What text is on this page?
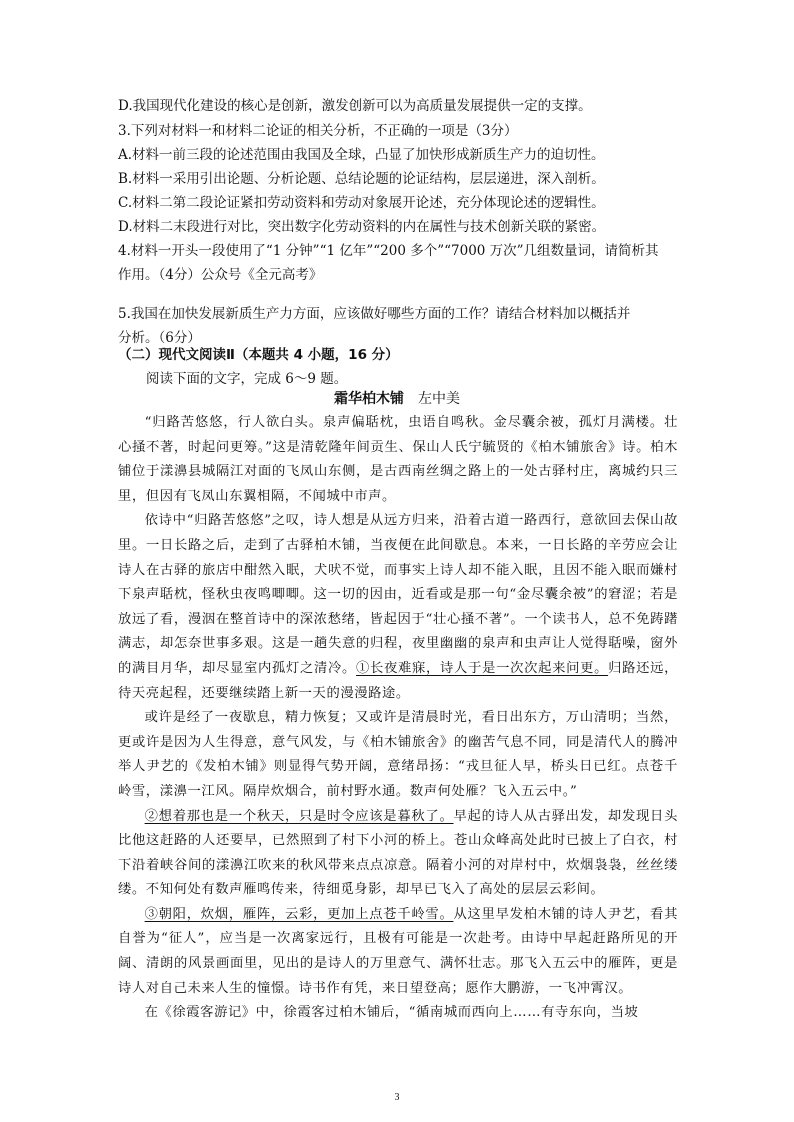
D.我国现代化建设的核心是创新，激发创新可以为高质量发展提供一定的支撑。
3.下列对材料一和材料二论证的相关分析，不正确的一项是（3分）
A.材料一前三段的论述范围由我国及全球，凸显了加快形成新质生产力的迫切性。
B.材料一采用引出论题、分析论题、总结论题的论证结构，层层递进，深入剖析。
C.材料二第二段论证紧扣劳动资料和劳动对象展开论述，充分体现论述的逻辑性。
D.材料二末段进行对比，突出数字化劳动资料的内在属性与技术创新关联的紧密。
4.材料一开头一段使用了“1 分钟”“1 亿年”“200 多个”“7000 万次”几组数量词，请简析其
作用。（4分）公众号《全元高考》
5.我国在加快发展新质生产力方面，应该做好哪些方面的工作？请结合材料加以概括并
分析。（6分）
（二）现代文阅读Ⅱ（本题共 4 小题，16 分）
阅读下面的文字，完成 6～9 题。
霜华柏木铺 左中美

“归路苦悠悠，行人欲白头。泉声偏聒枕，虫语自鸣秋。金尽囊余被，孤灯月满楼。壮心掻不著，时起问更筹。”这是清乾隆年间贡生、保山人氏宁毓贤的《柏木铺旅舍》诗。柏木铺位于漾濞县城隔江对面的飞凤山东侧，是古西南丝绸之路上的一处古驿村庄，离城约只三里，但因有飞凤山东翼相隔，不闻城中市声。

依诗中“归路苦悠悠”之叹，诗人想是从远方归来，沿着古道一路西行，意欲回去保山故里。一日长路之后，走到了古驿柏木铺，当夜便在此间歇息。本来，一日长路的辛劳应会让诗人在古驿的旅店中酣然入眠，犬吠不觉，而事实上诗人却不能入眠，且因不能入眠而嫌村下泉声聒枕，怪秋虫夜鸣唧唧。这一切的因由，近看或是那一句“金尽囊余被”的窘涩；若是放远了看，漫洇在整首诗中的深浓愁绪，皆起因于“壮心掻不著”。一个读书人，总不免踌躇满志，却怎奈世事多艰。这是一趟失意的归程，夜里幽幽的泉声和虫声让人觉得聒噪，窗外的满目月华，却尽显室内孤灯之清冷。①长夜难寐，诗人于是一次次起来问更。归路还远，待天亮起程，还要继续踏上新一天的漫漫路途。

或许是经了一夜歇息，精力恢复；又或许是清晨时光，看日出东方，万山清明；当然，更或许是因为人生得意，意气风发，与《柏木铺旅舍》的幽苦气息不同，同是清代人的腾冲举人尹艺的《发柏木铺》则显得气势开阔，意绪昂扬：“戎旦征人早，桥头日已红。点苍千岭雪，漾濞一江风。隔岸炊烟合，前村野水通。数声何处雁？飞入五云中。”

②想着那也是一个秋天，只是时令应该是暮秋了。早起的诗人从古驿出发，却发现日头比他这赶路的人还要早，已然照到了村下小河的桥上。苍山众峰高处此时已披上了白衣，村下沿着峡谷间的漾濞江吹来的秋风带来点点凉意。隔着小河的对岸村中，炊烟袅袅，丝丝缕缕。不知何处有数声雁鸣传来，待细觅身影，却早已飞入了高处的层层云彩间。

③朝阳，炊烟，雁阵，云彩，更加上点苍千岭雪。从这里早发柏木铺的诗人尹艺，看其自誉为“征人”，应当是一次离家远行，且极有可能是一次赴考。由诗中早起赶路所见的开阔、清朗的风景画面里，见出的是诗人的万里意气、满怀壮志。那飞入五云中的雁阵，更是诗人对自己未来人生的憧憬。诗书作有凭，来日望登高；愿作大鹏游，一飞冲霄汉。

在《徐霞客游记》中，徐霞客过柏木铺后，“循南城而西向上……有寺东向，当坡

3
